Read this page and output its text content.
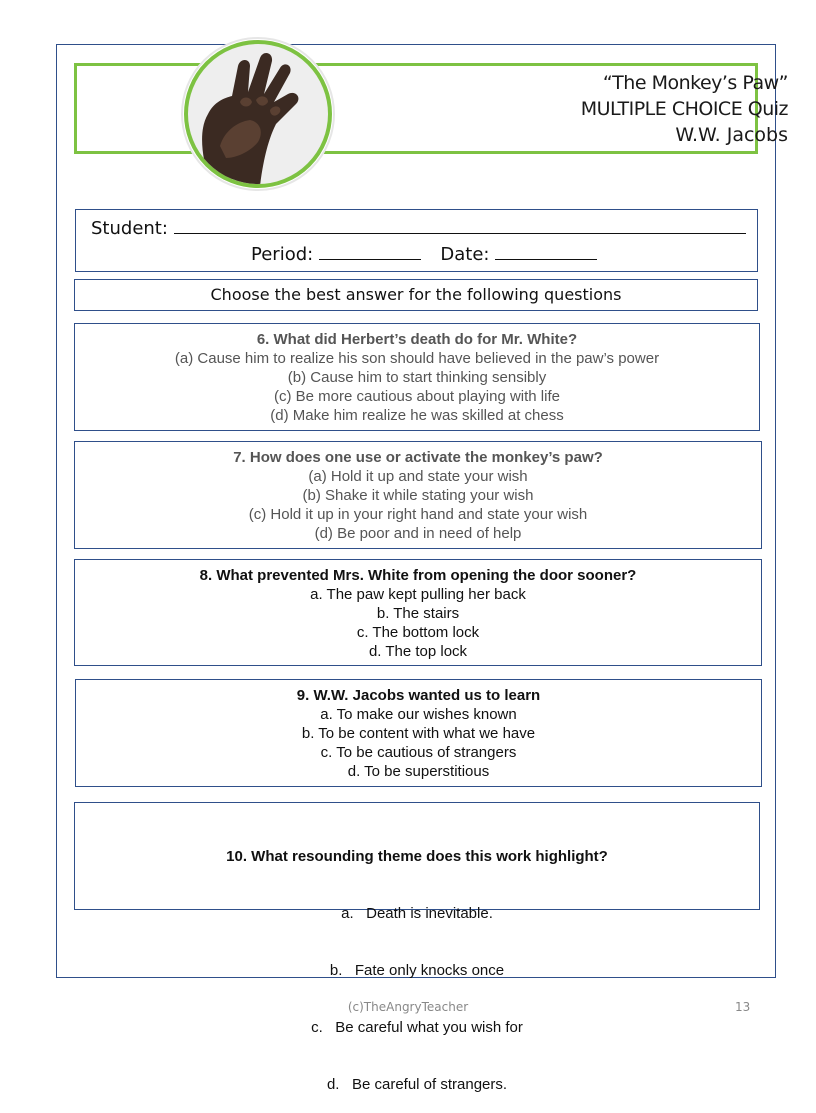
“The Monkey’s Paw”
MULTIPLE CHOICE Quiz
W.W. Jacobs
Student:
Period:	Date:
Choose the best answer for the following questions
6. What did Herbert’s death do for Mr. White?
(a) Cause him to realize his son should have believed in the paw’s power
(b) Cause him to start thinking sensibly
(c) Be more cautious about playing with life
(d) Make him realize he was skilled at chess
7. How does one use or activate the monkey’s paw?
(a) Hold it up and state your wish
(b) Shake it while stating your wish
(c) Hold it up in your right hand and state your wish
(d) Be poor and in need of help
8. What prevented Mrs. White from opening the door sooner?
a. The paw kept pulling her back
b. The stairs
c. The bottom lock
d. The top lock
9. W.W. Jacobs wanted us to learn
a. To make our wishes known
b. To be content with what we have
c. To be cautious of strangers
d. To be superstitious

10. What resounding theme does this work highlight?

a.   Death is inevitable.

b.   Fate only knocks once

c.   Be careful what you wish for

d.   Be careful of strangers.

(c)TheAngryTeacher	13
